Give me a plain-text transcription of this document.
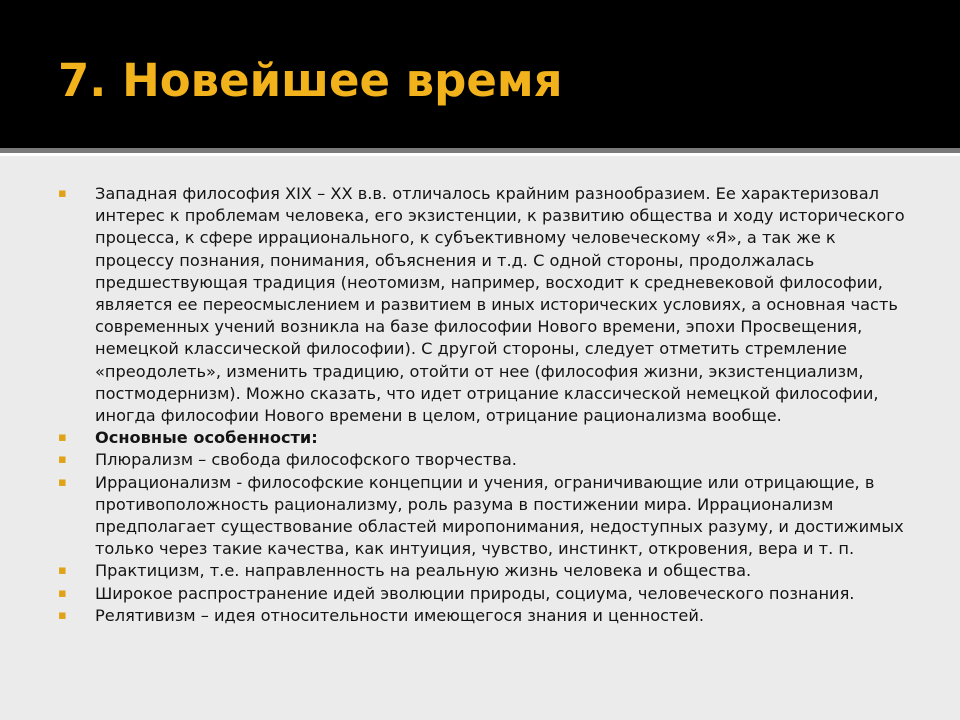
7. Новейшее время
▪ Западная философия XIX – XX в.в. отличалось крайним разнообразием. Ее характеризовал интерес к проблемам человека, его экзистенции, к развитию общества и ходу исторического процесса, к сфере иррационального, к субъективному человеческому «Я», а так же к процессу познания, понимания, объяснения и т.д. С одной стороны, продолжалась предшествующая традиция (неотомизм, например, восходит к средневековой философии, является ее переосмыслением и развитием в иных исторических условиях, а основная часть современных учений возникла на базе философии Нового времени, эпохи Просвещения, немецкой классической философии). С другой стороны, следует отметить стремление «преодолеть», изменить традицию, отойти от нее (философия жизни, экзистенциализм, постмодернизм). Можно сказать, что идет отрицание классической немецкой философии, иногда философии Нового времени в целом, отрицание рационализма вообще.
▪ Основные особенности:
▪ Плюрализм – свобода философского творчества.
▪ Иррационализм - философские концепции и учения, ограничивающие или отрицающие, в противоположность рационализму, роль разума в постижении мира. Иррационализм предполагает существование областей миропонимания, недоступных разуму, и достижимых только через такие качества, как интуиция, чувство, инстинкт, откровения, вера и т. п.
▪ Практицизм, т.е. направленность на реальную жизнь человека и общества.
▪ Широкое распространение идей эволюции природы, социума, человеческого познания.
▪ Релятивизм – идея относительности имеющегося знания и ценностей.
